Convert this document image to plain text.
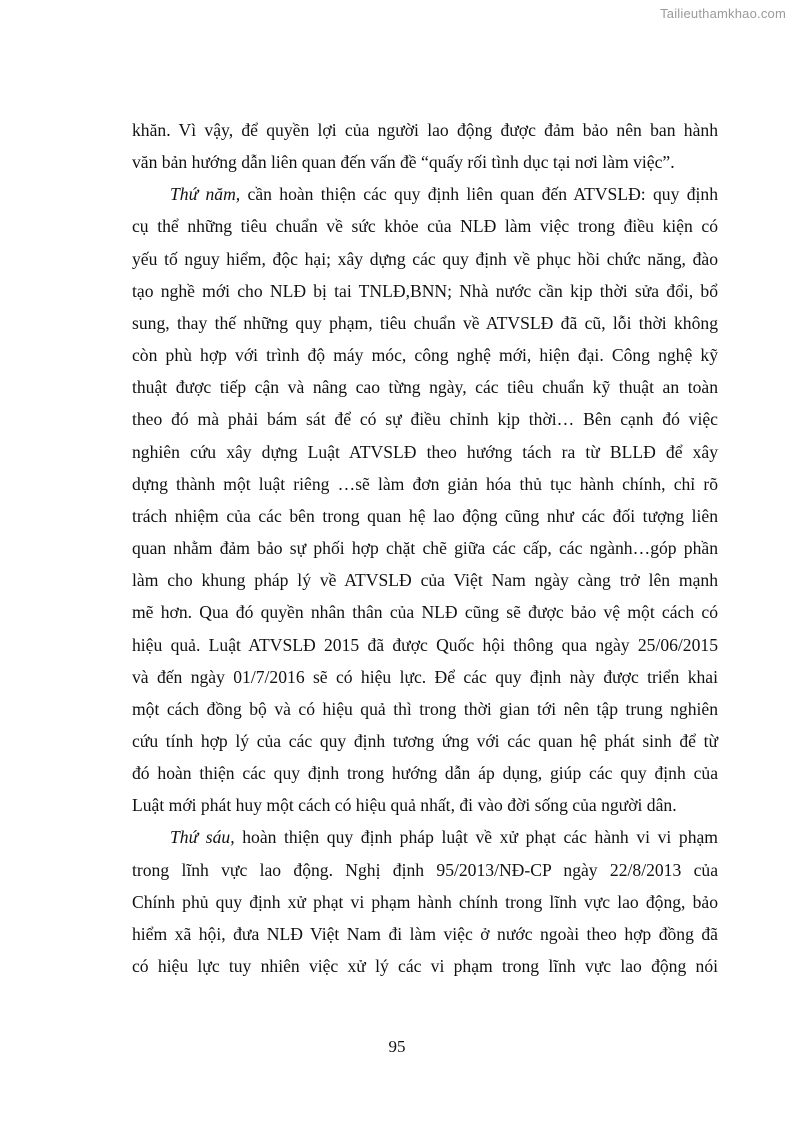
Tailieuthamkhao.com

khăn. Vì vậy, để quyền lợi của người lao động được đảm bảo nên ban hành
văn bản hướng dẫn liên quan đến vấn đề “quấy rối tình dục tại nơi làm việc”.

Thứ năm, cần hoàn thiện các quy định liên quan đến ATVSLĐ: quy định
cụ thể những tiêu chuẩn về sức khỏe của NLĐ làm việc trong điều kiện có
yếu tố nguy hiểm, độc hại; xây dựng các quy định về phục hồi chức năng, đào
tạo nghề mới cho NLĐ bị tai TNLĐ,BNN; Nhà nước cần kịp thời sửa đổi, bổ
sung, thay thế những quy phạm, tiêu chuẩn về ATVSLĐ đã cũ, lỗi thời không
còn phù hợp với trình độ máy móc, công nghệ mới, hiện đại. Công nghệ kỹ
thuật được tiếp cận và nâng cao từng ngày, các tiêu chuẩn kỹ thuật an toàn
theo đó mà phải bám sát để có sự điều chỉnh kịp thời… Bên cạnh đó việc
nghiên cứu xây dựng Luật ATVSLĐ theo hướng tách ra từ BLLĐ để xây
dựng thành một luật riêng …sẽ làm đơn giản hóa thủ tục hành chính, chỉ rõ
trách nhiệm của các bên trong quan hệ lao động cũng như các đối tượng liên
quan nhằm đảm bảo sự phối hợp chặt chẽ giữa các cấp, các ngành…góp phần
làm cho khung pháp lý về ATVSLĐ của Việt Nam ngày càng trở lên mạnh
mẽ hơn. Qua đó quyền nhân thân của NLĐ cũng sẽ được bảo vệ một cách có
hiệu quả. Luật ATVSLĐ 2015 đã được Quốc hội thông qua ngày 25/06/2015
và đến ngày 01/7/2016 sẽ có hiệu lực. Để các quy định này được triển khai
một cách đồng bộ và có hiệu quả thì trong thời gian tới nên tập trung nghiên
cứu tính hợp lý của các quy định tương ứng với các quan hệ phát sinh để từ
đó hoàn thiện các quy định trong hướng dẫn áp dụng, giúp các quy định của
Luật mới phát huy một cách có hiệu quả nhất, đi vào đời sống của người dân.

Thứ sáu, hoàn thiện quy định pháp luật về xử phạt các hành vi vi phạm
trong lĩnh vực lao động. Nghị định 95/2013/NĐ-CP ngày 22/8/2013 của
Chính phủ quy định xử phạt vi phạm hành chính trong lĩnh vực lao động, bảo
hiểm xã hội, đưa NLĐ Việt Nam đi làm việc ở nước ngoài theo hợp đồng đã
có hiệu lực tuy nhiên việc xử lý các vi phạm trong lĩnh vực lao động nói

95
